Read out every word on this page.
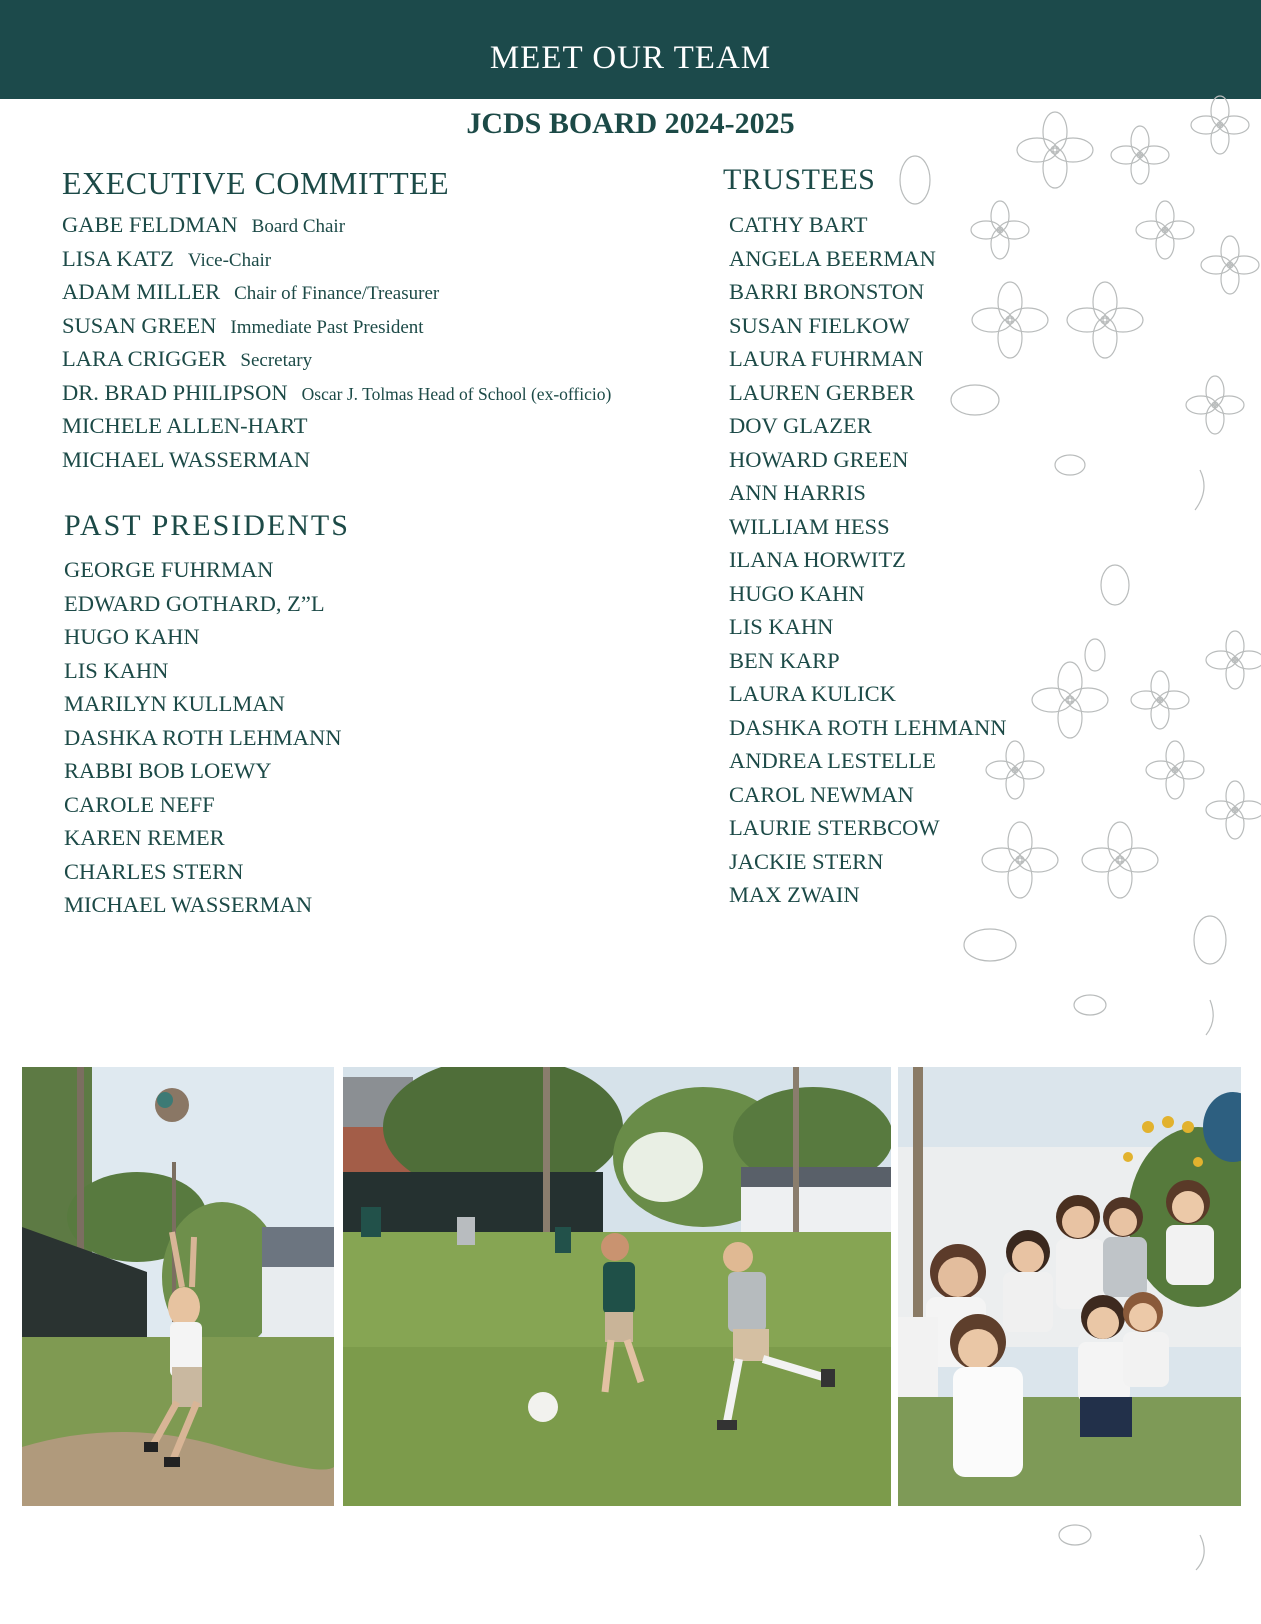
MEET OUR TEAM
JCDS BOARD 2024-2025
EXECUTIVE COMMITTEE
GABE FELDMAN Board Chair
LISA KATZ Vice-Chair
ADAM MILLER Chair of Finance/Treasurer
SUSAN GREEN Immediate Past President
LARA CRIGGER Secretary
DR. BRAD PHILIPSON Oscar J. Tolmas Head of School (ex-officio)
MICHELE ALLEN-HART
MICHAEL WASSERMAN
PAST PRESIDENTS
GEORGE FUHRMAN
EDWARD GOTHARD, Z”L
HUGO KAHN
LIS KAHN
MARILYN KULLMAN
DASHKA ROTH LEHMANN
RABBI BOB LOEWY
CAROLE NEFF
KAREN REMER
CHARLES STERN
MICHAEL WASSERMAN
TRUSTEES
CATHY BART
ANGELA BEERMAN
BARRI BRONSTON
SUSAN FIELKOW
LAURA FUHRMAN
LAUREN GERBER
DOV GLAZER
HOWARD GREEN
ANN HARRIS
WILLIAM HESS
ILANA HORWITZ
HUGO KAHN
LIS KAHN
BEN KARP
LAURA KULICK
DASHKA ROTH LEHMANN
ANDREA LESTELLE
CAROL NEWMAN
LAURIE STERBCOW
JACKIE STERN
MAX ZWAIN
